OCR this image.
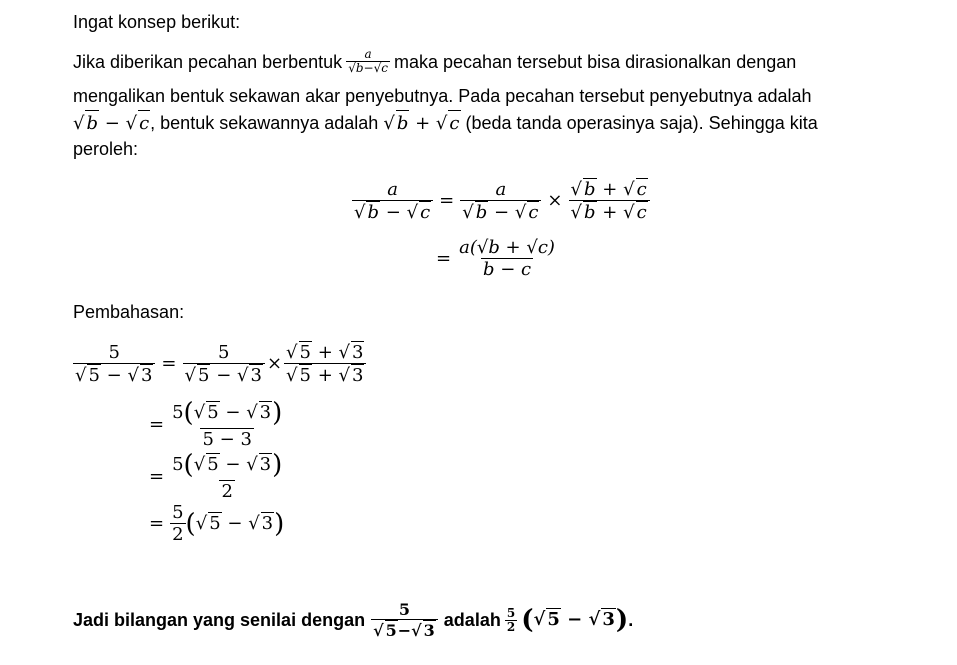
Ingat konsep berikut:
Jika diberikan pecahan berbentuk $\frac{a}{√b-√c}$ maka pecahan tersebut bisa dirasionalkan dengan
mengalikan bentuk sekawan akar penyebutnya. Pada pecahan tersebut penyebutnya adalah
√ b − √ c, bentuk sekawannya adalah √ b + √ c (beda tanda operasinya saja). Sehingga kita
peroleh:
$\frac{a}{√ b - √ c} = \frac{a}{√ b - √ c} \times \frac{√ b + √ c}{√ b + √ c}$
= $\frac{a(√b + √c)}{b - c}$
Pembahasan:
$\frac{5}{√ 5 - √ 3} = \frac{5}{√ 5 - √ 3} \times \frac{√ 5 + √ 3}{√ 5 + √ 3}$
= $\frac{5(√ 5 - √ 3)}{5 - 3}$
= $\frac{5(√ 5 - √ 3)}{2}$
= $\frac{5}{2}$ (√ 5 − √ 3)
Jadi bilangan yang senilai dengan $\frac{5}{√ 5-√ 3}$ adalah $\frac{5}{2}$ (√ 5 − √ 3) .
